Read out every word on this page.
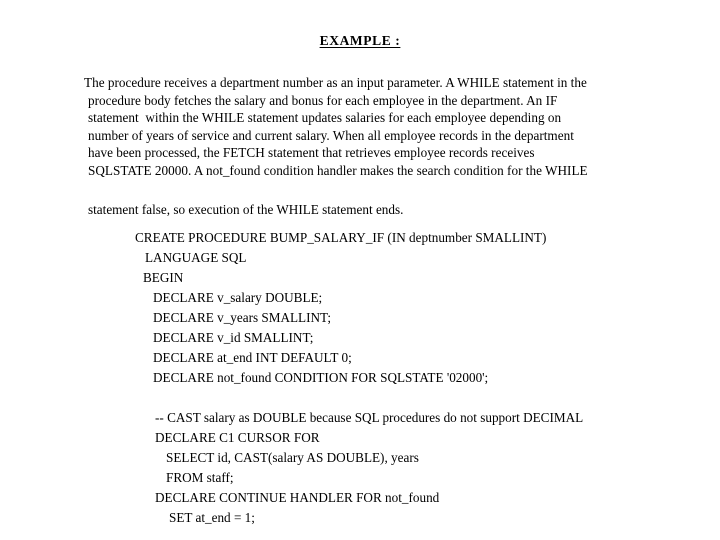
EXAMPLE :
The procedure receives a department number as an input parameter. A WHILE statement in the
procedure body fetches the salary and bonus for each employee in the department. An IF
statement  within the WHILE statement updates salaries for each employee depending on
number of years of service and current salary. When all employee records in the department
have been processed, the FETCH statement that retrieves employee records receives
SQLSTATE 20000. A not_found condition handler makes the search condition for the WHILE
statement false, so execution of the WHILE statement ends.
CREATE PROCEDURE BUMP_SALARY_IF (IN deptnumber SMALLINT)
LANGUAGE SQL
BEGIN
DECLARE v_salary DOUBLE;
DECLARE v_years SMALLINT;
DECLARE v_id SMALLINT;
DECLARE at_end INT DEFAULT 0;
DECLARE not_found CONDITION FOR SQLSTATE '02000';
-- CAST salary as DOUBLE because SQL procedures do not support DECIMAL
DECLARE C1 CURSOR FOR
SELECT id, CAST(salary AS DOUBLE), years
FROM staff;
DECLARE CONTINUE HANDLER FOR not_found
SET at_end = 1;
